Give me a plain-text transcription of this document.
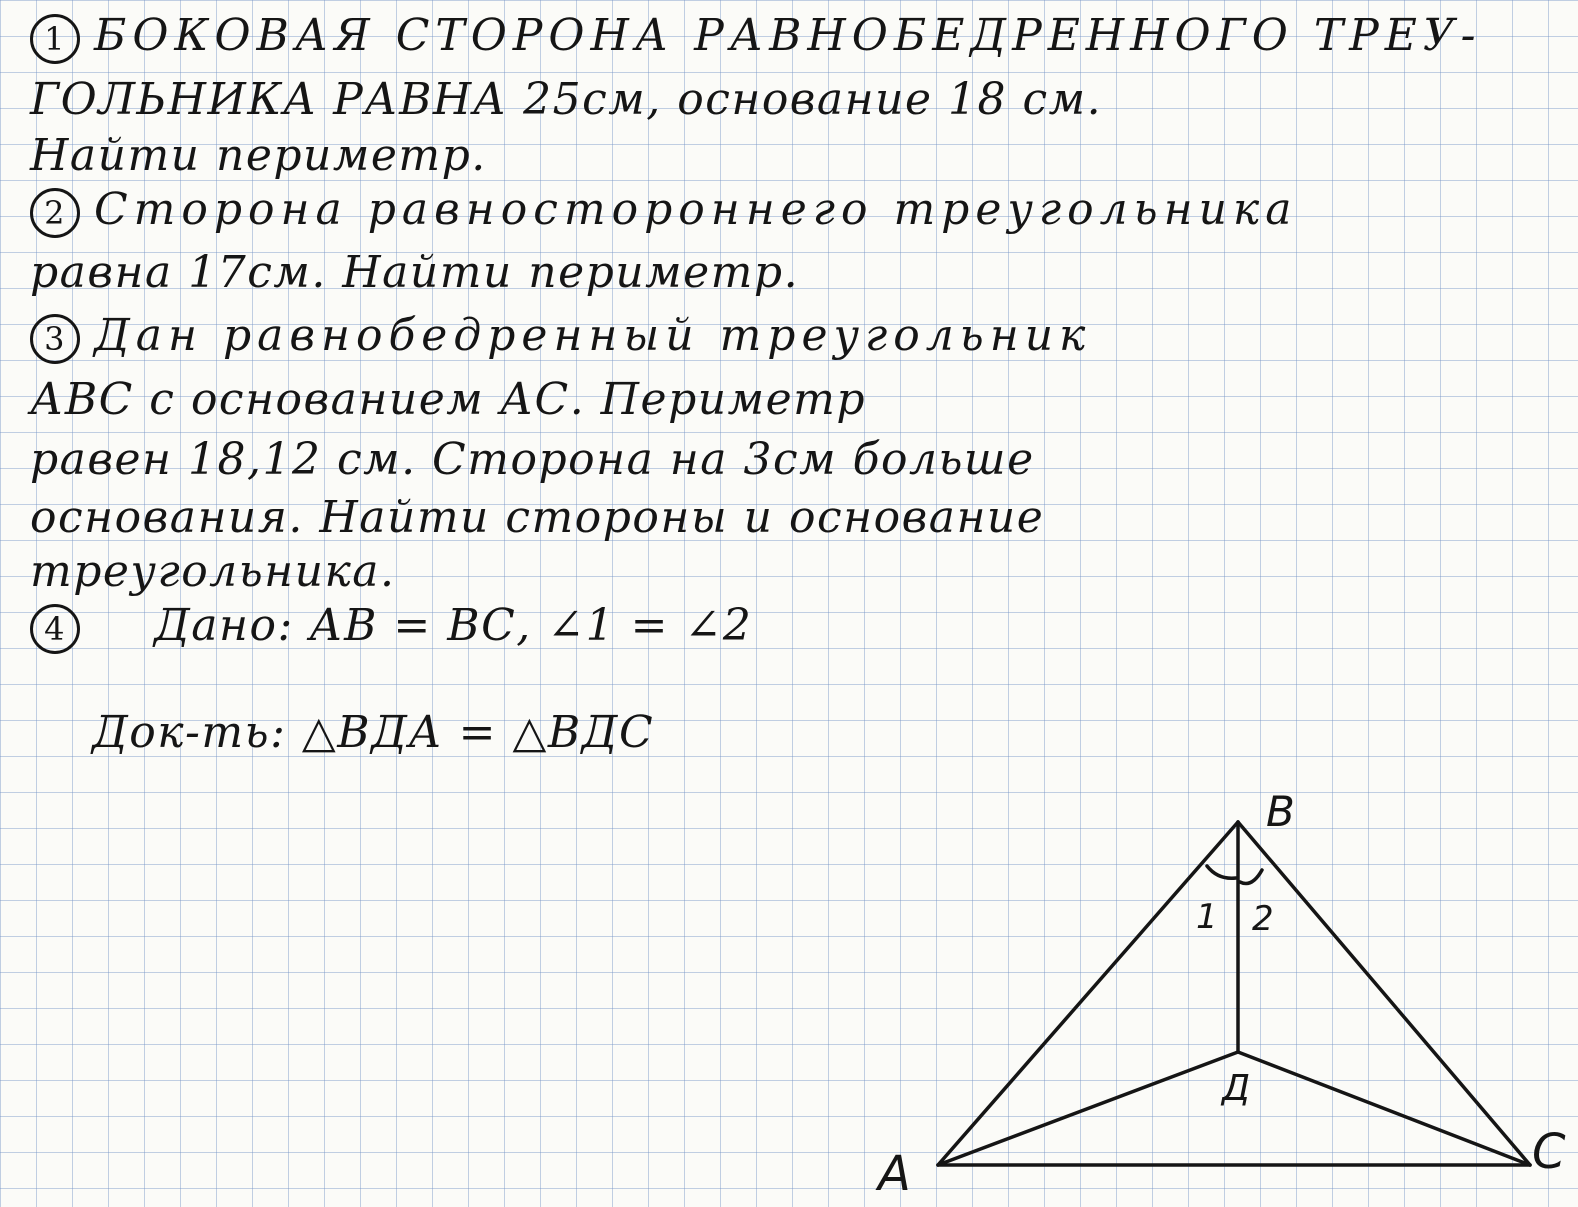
1 БОКОВАЯ СТОРОНА РАВНОБЕДРЕННОГО ТРЕУ-
ГОЛЬНИКА РАВНА 25см, основание 18 см.
Найти периметр.
2 Сторона равностороннего треугольника
равна 17см. Найти периметр.
3 Дан равнобедренный треугольник
АВС с основанием АС. Периметр
равен 18,12 см. Сторона на 3см больше
основания. Найти стороны и основание
треугольника.
4 Дано: АВ = ВС, ∠1 = ∠2
Док-ть: △ВДА = △ВДС
В
А	С
Д
1 2
